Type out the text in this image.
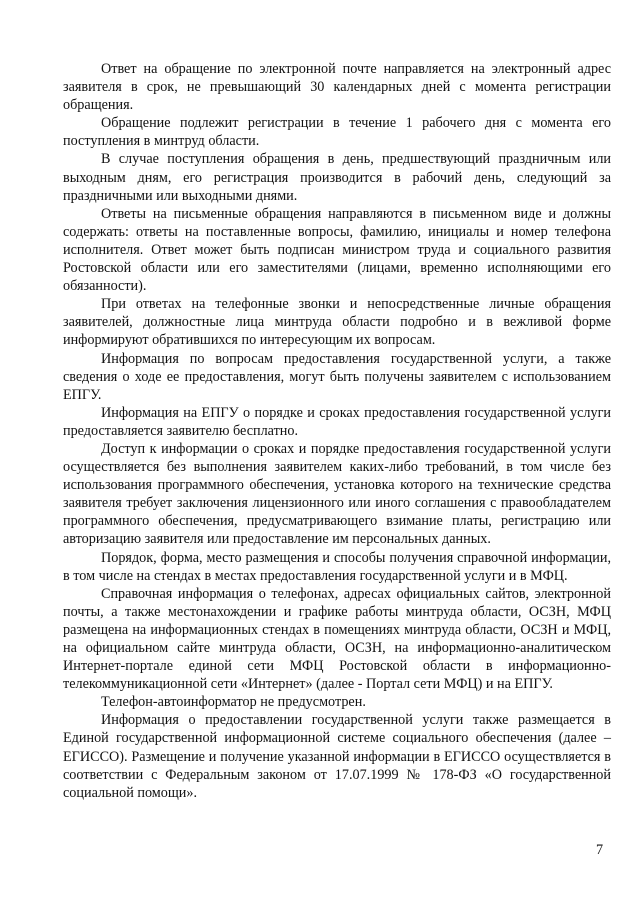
Ответ на обращение по электронной почте направляется на электронный адрес заявителя в срок, не превышающий 30 календарных дней с момента регистрации обращения.

Обращение подлежит регистрации в течение 1 рабочего дня с момента его поступления в минтруд области.

В случае поступления обращения в день, предшествующий праздничным или выходным дням, его регистрация производится в рабочий день, следующий за праздничными или выходными днями.

Ответы на письменные обращения направляются в письменном виде и должны содержать: ответы на поставленные вопросы, фамилию, инициалы и номер телефона исполнителя. Ответ может быть подписан министром труда и социального развития Ростовской области или его заместителями (лицами, временно исполняющими его обязанности).

При ответах на телефонные звонки и непосредственные личные обращения заявителей, должностные лица минтруда области подробно и в вежливой форме информируют обратившихся по интересующим их вопросам.

Информация по вопросам предоставления государственной услуги, а также сведения о ходе ее предоставления, могут быть получены заявителем с использованием ЕПГУ.

Информация на ЕПГУ о порядке и сроках предоставления государственной услуги предоставляется заявителю бесплатно.

Доступ к информации о сроках и порядке предоставления государственной услуги осуществляется без выполнения заявителем каких-либо требований, в том числе без использования программного обеспечения, установка которого на технические средства заявителя требует заключения лицензионного или иного соглашения с правообладателем программного обеспечения, предусматривающего взимание платы, регистрацию или авторизацию заявителя или предоставление им персональных данных.

Порядок, форма, место размещения и способы получения справочной информации, в том числе на стендах в местах предоставления государственной услуги и в МФЦ.

Справочная информация о телефонах, адресах официальных сайтов, электронной почты, а также местонахождении и графике работы минтруда области, ОСЗН, МФЦ размещена на информационных стендах в помещениях минтруда области, ОСЗН и МФЦ, на официальном сайте минтруда области, ОСЗН, на информационно-аналитическом Интернет-портале единой сети МФЦ Ростовской области в информационно-телекоммуникационной сети «Интернет» (далее - Портал сети МФЦ) и на ЕПГУ.

Телефон-автоинформатор не предусмотрен.

Информация о предоставлении государственной услуги также размещается в Единой государственной информационной системе социального обеспечения (далее – ЕГИССО). Размещение и получение указанной информации в ЕГИССО осуществляется в соответствии с Федеральным законом от 17.07.1999 № 178-ФЗ «О государственной социальной помощи».

7
